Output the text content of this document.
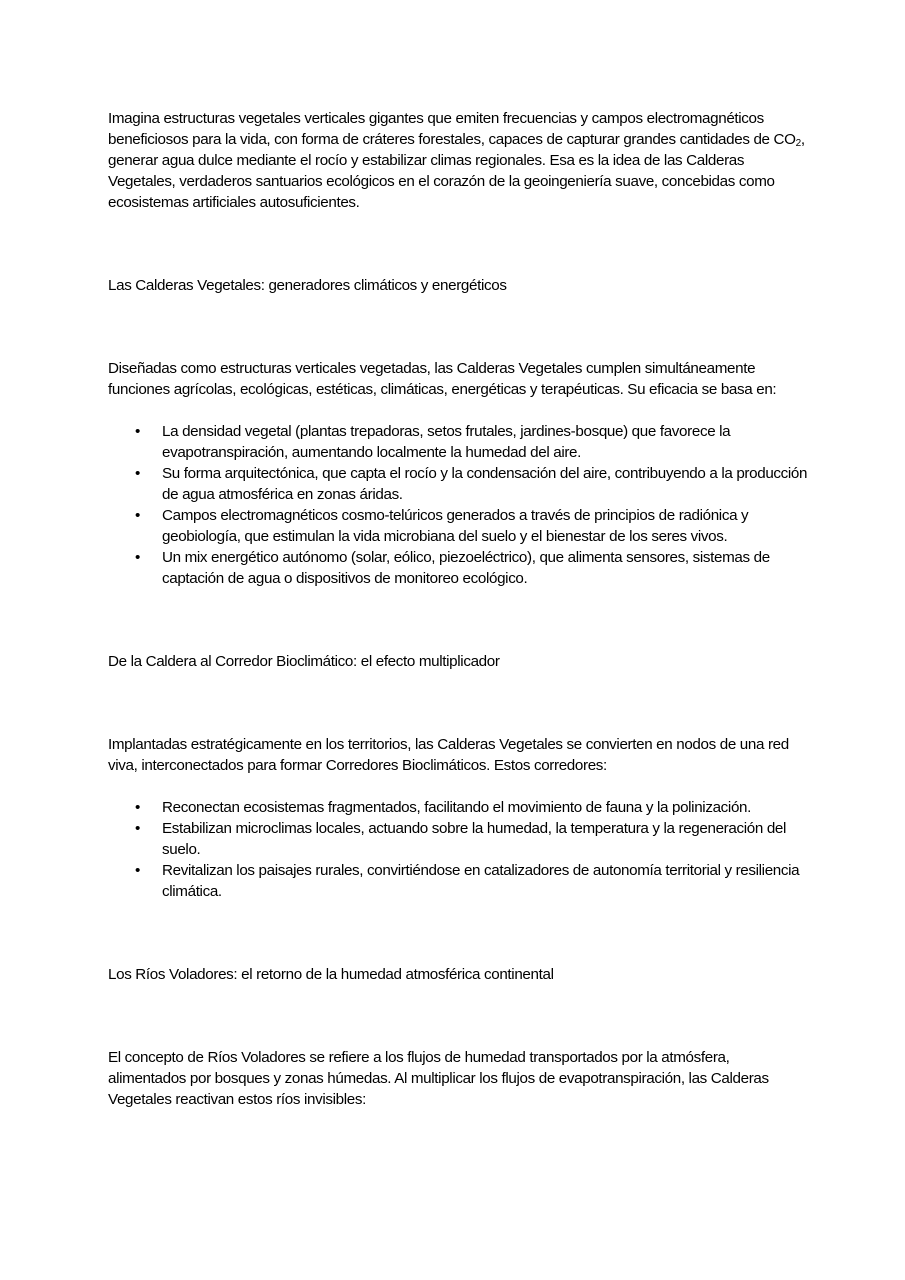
Imagina estructuras vegetales verticales gigantes que emiten frecuencias y campos electromagnéticos beneficiosos para la vida, con forma de cráteres forestales, capaces de capturar grandes cantidades de $CO_2$, generar agua dulce mediante el rocío y estabilizar climas regionales. Esa es la idea de las Calderas Vegetales, verdaderos santuarios ecológicos en el corazón de la geoingeniería suave, concebidas como ecosistemas artificiales autosuficientes.

Las Calderas Vegetales: generadores climáticos y energéticos

Diseñadas como estructuras verticales vegetadas, las Calderas Vegetales cumplen simultáneamente funciones agrícolas, ecológicas, estéticas, climáticas, energéticas y terapéuticas. Su eficacia se basa en:

• La densidad vegetal (plantas trepadoras, setos frutales, jardines-bosque) que favorece la evapotranspiración, aumentando localmente la humedad del aire.
• Su forma arquitectónica, que capta el rocío y la condensación del aire, contribuyendo a la producción de agua atmosférica en zonas áridas.
• Campos electromagnéticos cosmo-telúricos generados a través de principios de radiónica y geobiología, que estimulan la vida microbiana del suelo y el bienestar de los seres vivos.
• Un mix energético autónomo (solar, eólico, piezoeléctrico), que alimenta sensores, sistemas de captación de agua o dispositivos de monitoreo ecológico.
De la Caldera al Corredor Bioclimático: el efecto multiplicador

Implantadas estratégicamente en los territorios, las Calderas Vegetales se convierten en nodos de una red viva, interconectados para formar Corredores Bioclimáticos. Estos corredores:

• Reconectan ecosistemas fragmentados, facilitando el movimiento de fauna y la polinización.
• Estabilizan microclimas locales, actuando sobre la humedad, la temperatura y la regeneración del suelo.
• Revitalizan los paisajes rurales, convirtiéndose en catalizadores de autonomía territorial y resiliencia climática.
Los Ríos Voladores: el retorno de la humedad atmosférica continental

El concepto de Ríos Voladores se refiere a los flujos de humedad transportados por la atmósfera, alimentados por bosques y zonas húmedas. Al multiplicar los flujos de evapotranspiración, las Calderas Vegetales reactivan estos ríos invisibles:
